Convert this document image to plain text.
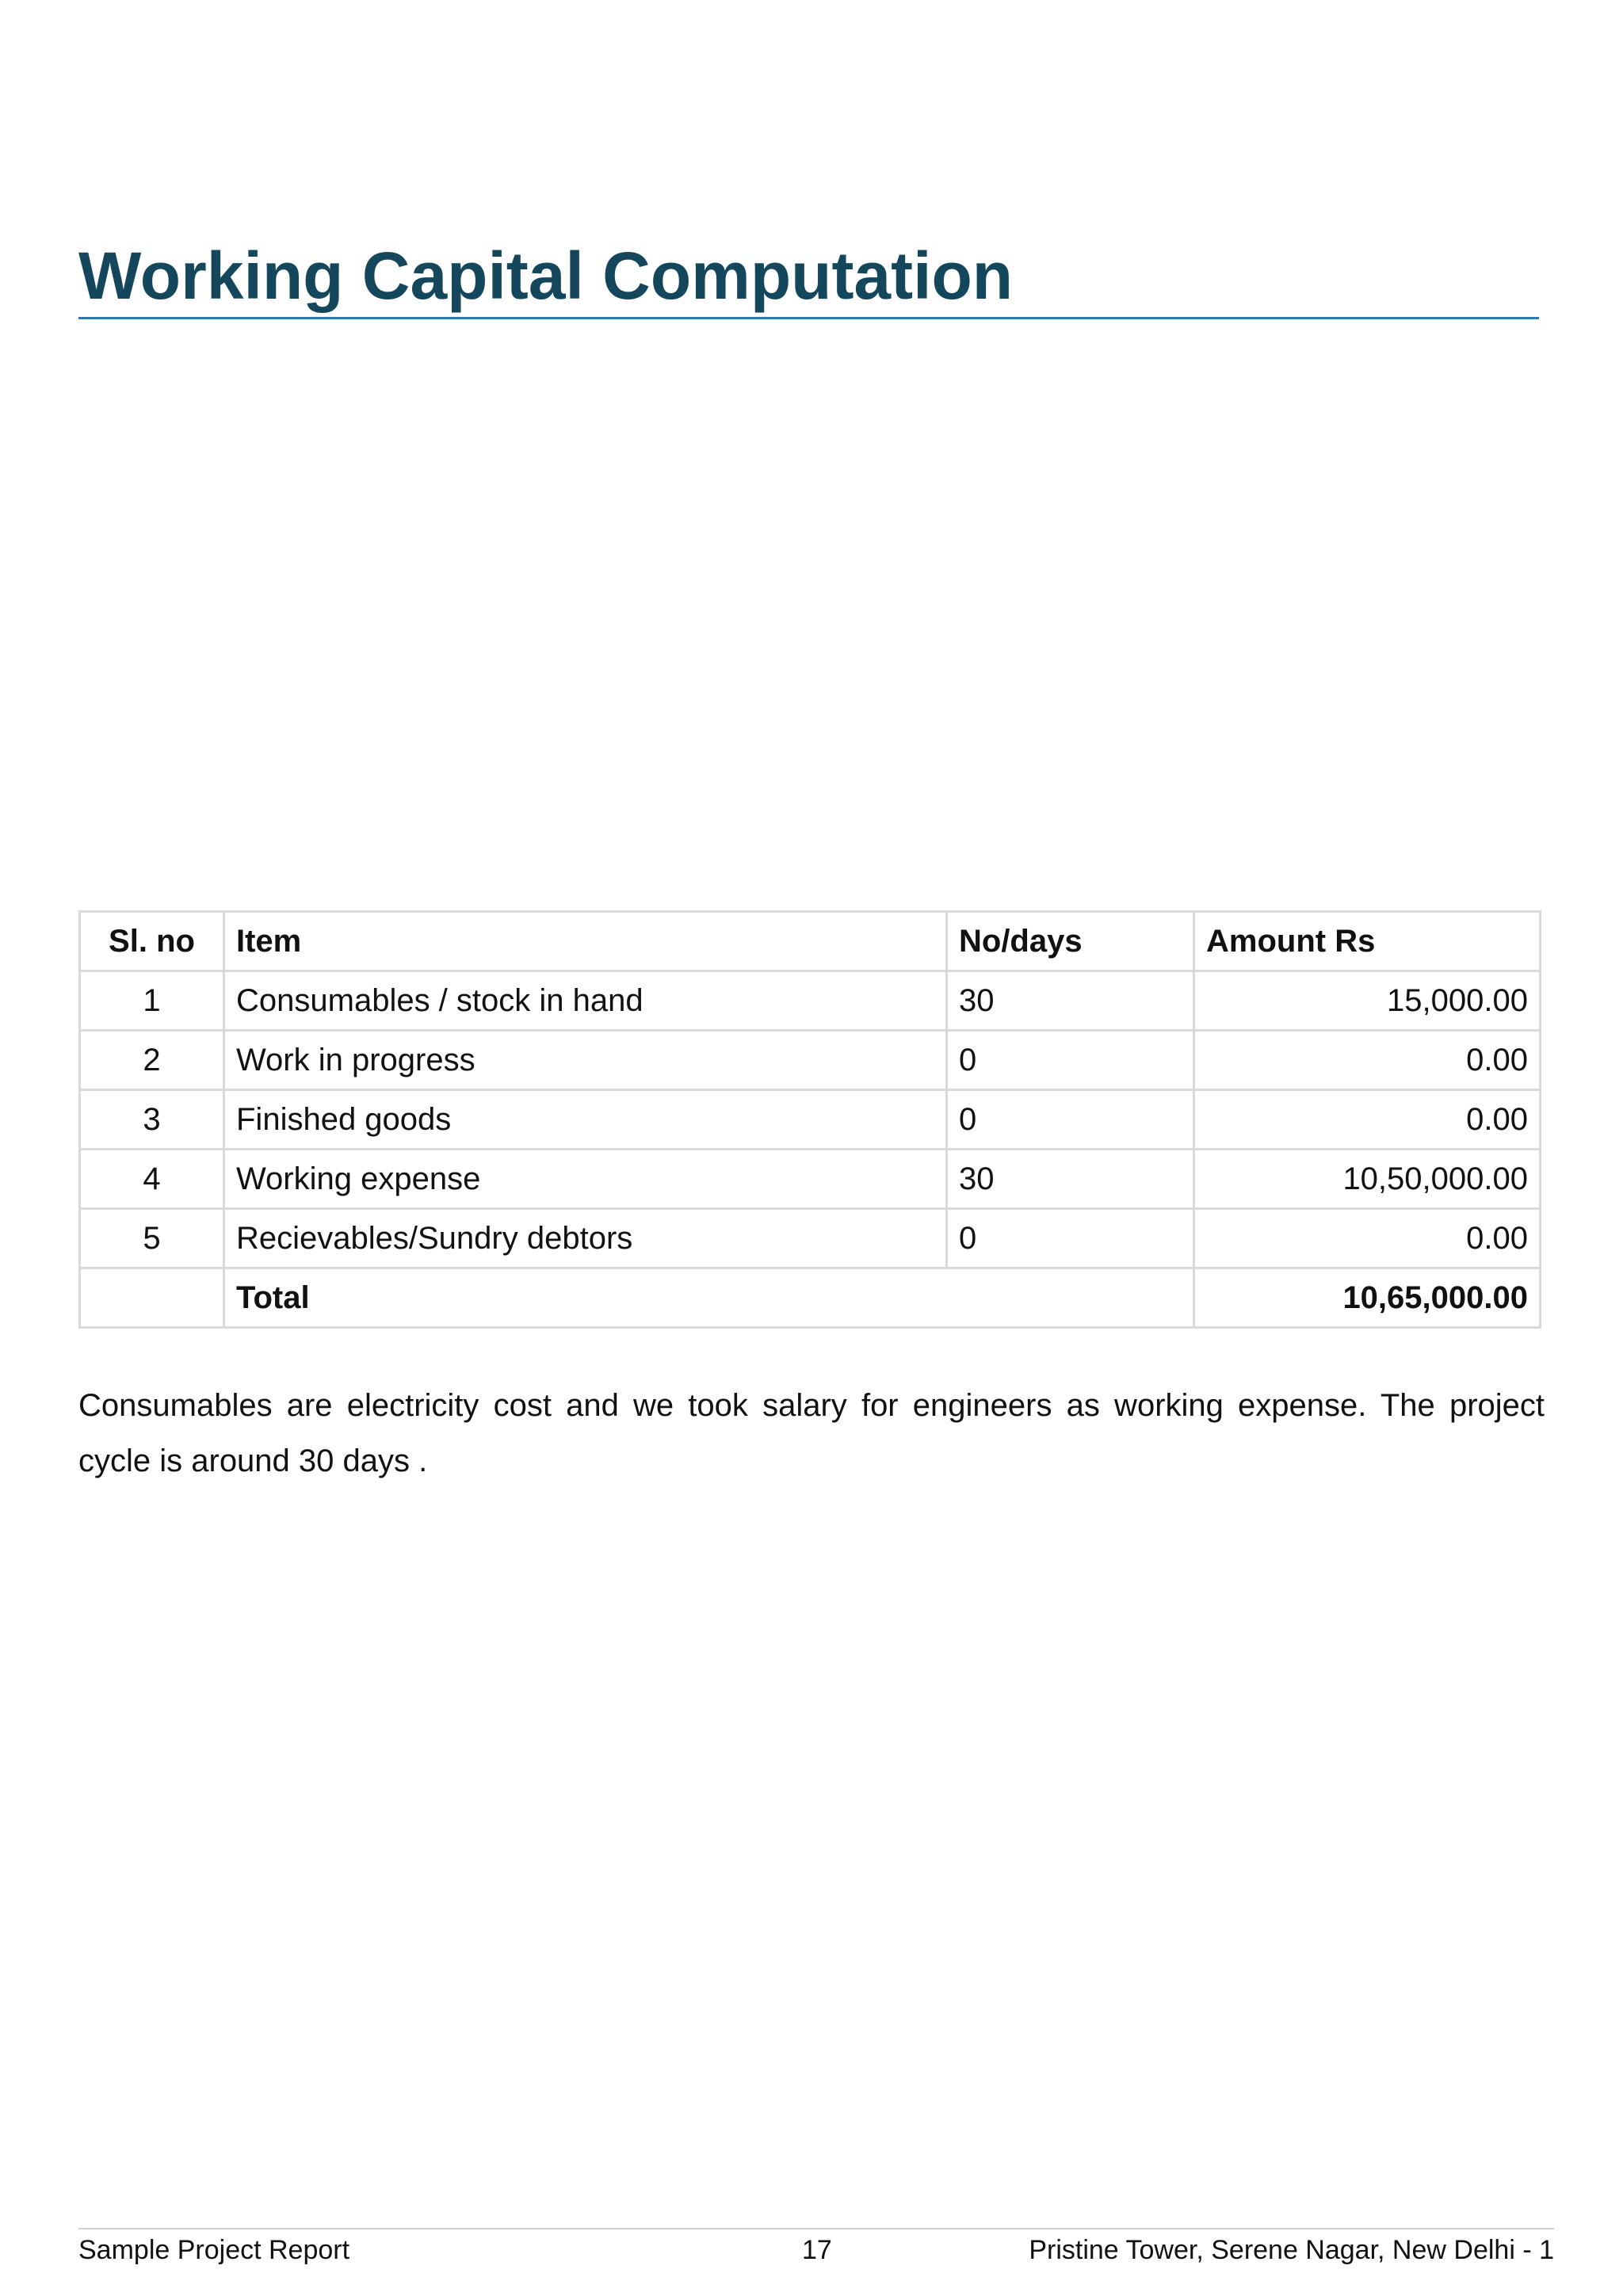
Working Capital Computation
Sl. no	Item	No/days	Amount Rs
1	Consumables / stock in hand	30	15,000.00
2	Work in progress	0	0.00
3	Finished goods	0	0.00
4	Working expense	30	10,50,000.00
5	Recievables/Sundry debtors	0	0.00
	Total		10,65,000.00

Consumables are electricity cost and we took salary for engineers as working expense. The project cycle is around 30 days .

Sample Project Report	17	Pristine Tower, Serene Nagar, New Delhi - 1
